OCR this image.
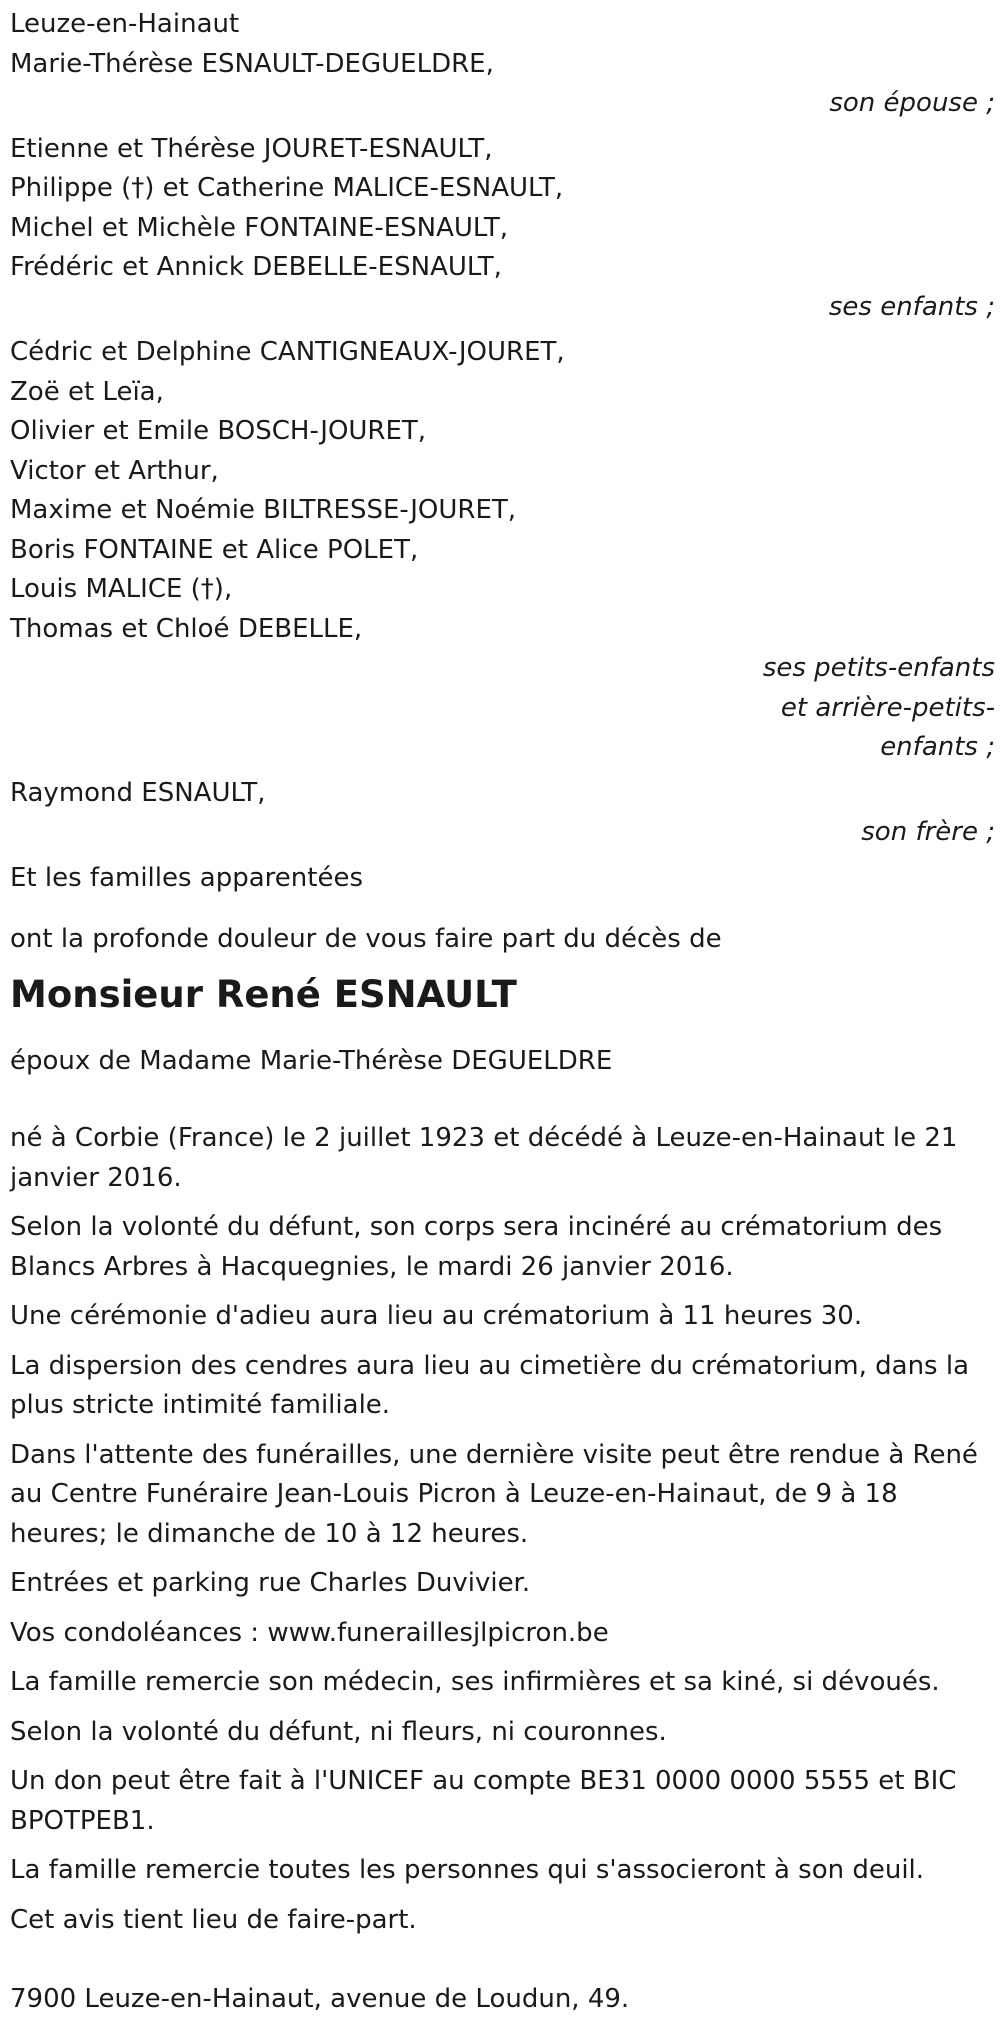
Leuze-en-Hainaut
Marie-Thérèse ESNAULT-DEGUELDRE,
son épouse ;
Etienne et Thérèse JOURET-ESNAULT,
Philippe (†) et Catherine MALICE-ESNAULT,
Michel et Michèle FONTAINE-ESNAULT,
Frédéric et Annick DEBELLE-ESNAULT,
ses enfants ;
Cédric et Delphine CANTIGNEAUX-JOURET,
Zoë et Leïa,
Olivier et Emile BOSCH-JOURET,
Victor et Arthur,
Maxime et Noémie BILTRESSE-JOURET,
Boris FONTAINE et Alice POLET,
Louis MALICE (†),
Thomas et Chloé DEBELLE,
ses petits-enfants
et arrière-petits-
enfants ;
Raymond ESNAULT,
son frère ;
Et les familles apparentées
ont la profonde douleur de vous faire part du décès de
Monsieur René ESNAULT
époux de Madame Marie-Thérèse DEGUELDRE
né à Corbie (France) le 2 juillet 1923 et décédé à Leuze-en-Hainaut le 21 janvier 2016.
Selon la volonté du défunt, son corps sera incinéré au crématorium des Blancs Arbres à Hacquegnies, le mardi 26 janvier 2016.
Une cérémonie d'adieu aura lieu au crématorium à 11 heures 30.
La dispersion des cendres aura lieu au cimetière du crématorium, dans la plus stricte intimité familiale.
Dans l'attente des funérailles, une dernière visite peut être rendue à René au Centre Funéraire Jean-Louis Picron à Leuze-en-Hainaut, de 9 à 18 heures; le dimanche de 10 à 12 heures.
Entrées et parking rue Charles Duvivier.
Vos condoléances : www.funeraillesjlpicron.be
La famille remercie son médecin, ses infirmières et sa kiné, si dévoués.
Selon la volonté du défunt, ni fleurs, ni couronnes.
Un don peut être fait à l'UNICEF au compte BE31 0000 0000 5555 et BIC BPOTPEB1.
La famille remercie toutes les personnes qui s'associeront à son deuil.
Cet avis tient lieu de faire-part.
7900 Leuze-en-Hainaut, avenue de Loudun, 49.
